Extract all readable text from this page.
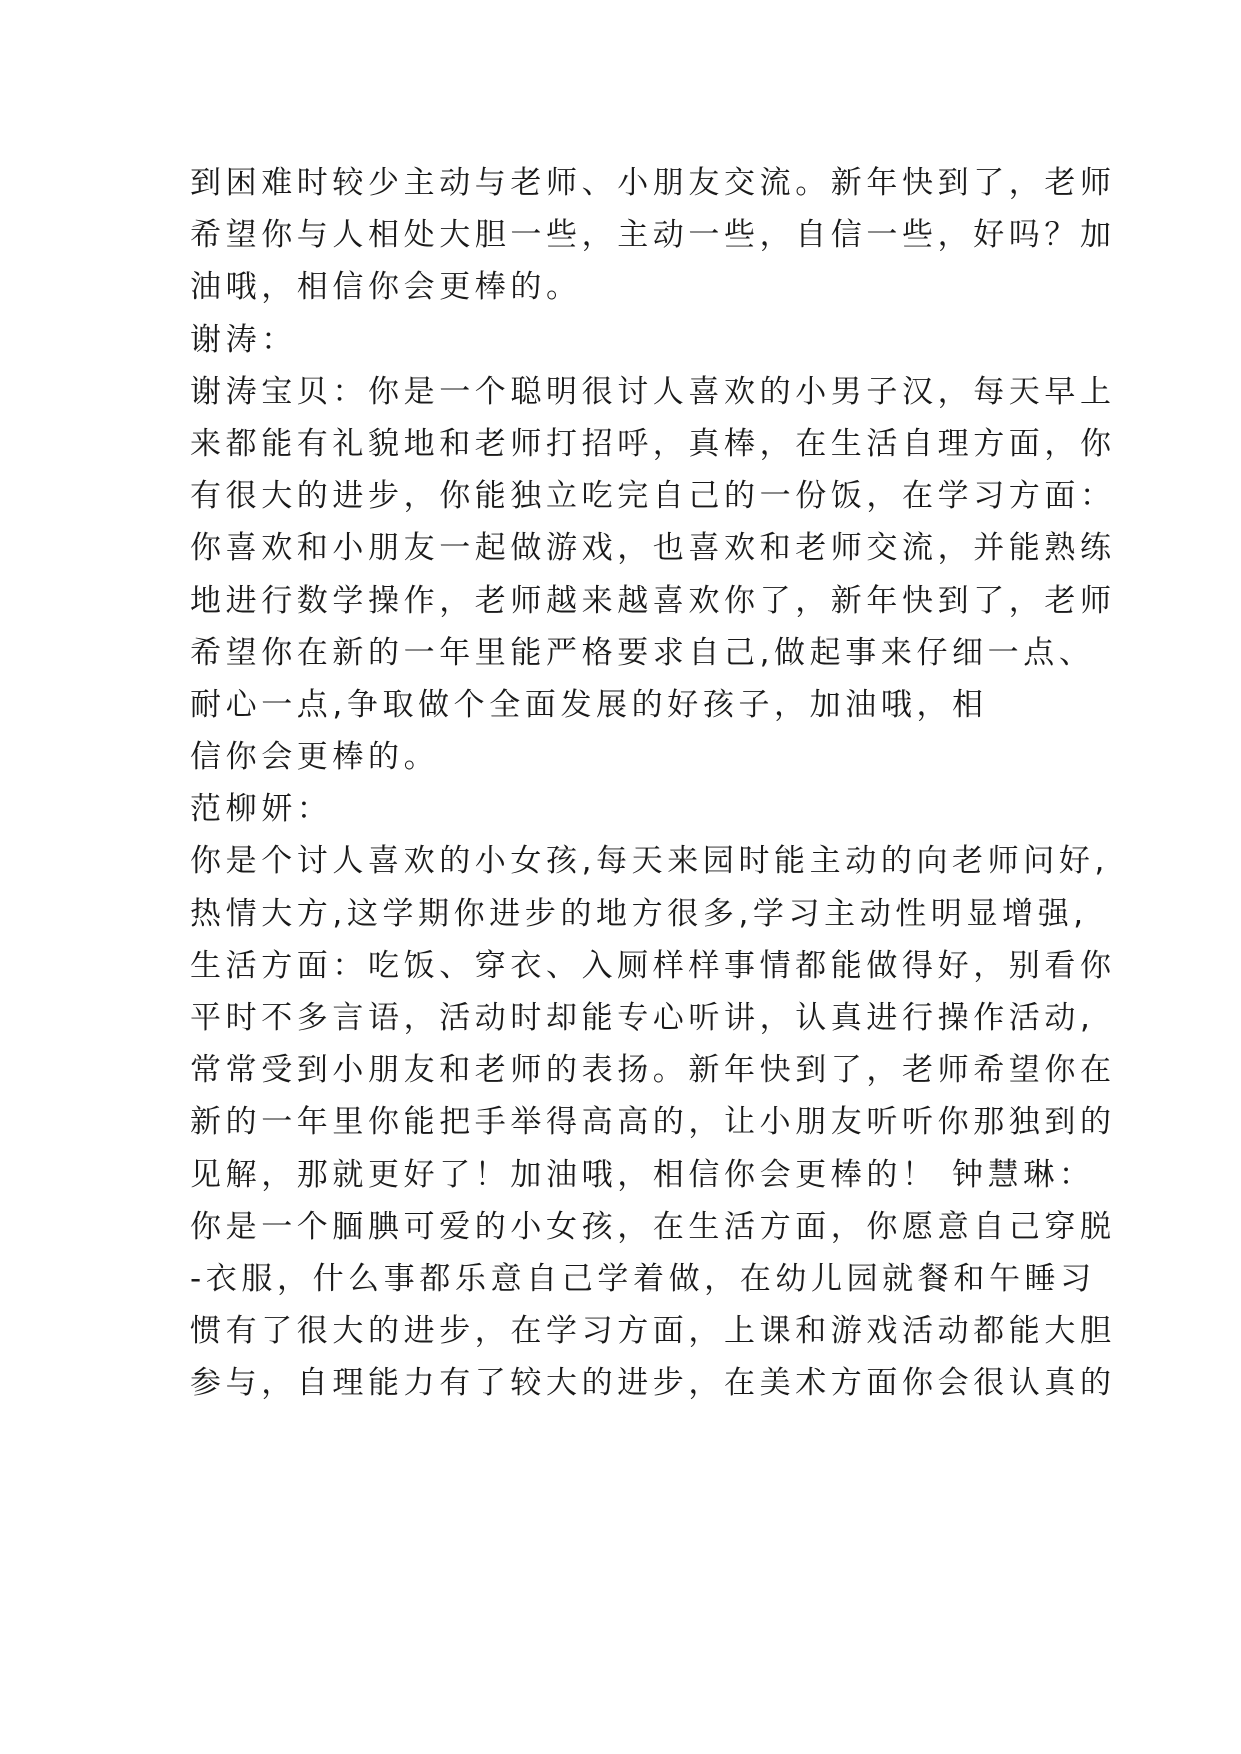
到困难时较少主动与老师、小朋友交流。新年快到了，老师
希望你与人相处大胆一些，主动一些，自信一些，好吗？加
油哦，相信你会更棒的。
谢涛：
谢涛宝贝：你是一个聪明很讨人喜欢的小男子汉，每天早上
来都能有礼貌地和老师打招呼，真棒，在生活自理方面，你
有很大的进步，你能独立吃完自己的一份饭，在学习方面：
你喜欢和小朋友一起做游戏，也喜欢和老师交流，并能熟练
地进行数学操作，老师越来越喜欢你了，新年快到了，老师
希望你在新的一年里能严格要求自己,做起事来仔细一点、
耐心一点,争取做个全面发展的好孩子，加油哦，相
信你会更棒的。
范柳妍：
你是个讨人喜欢的小女孩,每天来园时能主动的向老师问好,
热情大方,这学期你进步的地方很多,学习主动性明显增强,
生活方面：吃饭、穿衣、入厕样样事情都能做得好，别看你
平时不多言语，活动时却能专心听讲，认真进行操作活动,
常常受到小朋友和老师的表扬。新年快到了，老师希望你在
新的一年里你能把手举得高高的，让小朋友听听你那独到的
见解，那就更好了！加油哦，相信你会更棒的！ 钟慧琳：
你是一个腼腆可爱的小女孩，在生活方面，你愿意自己穿脱
-衣服，什么事都乐意自己学着做，在幼儿园就餐和午睡习
惯有了很大的进步，在学习方面，上课和游戏活动都能大胆
参与，自理能力有了较大的进步，在美术方面你会很认真的
